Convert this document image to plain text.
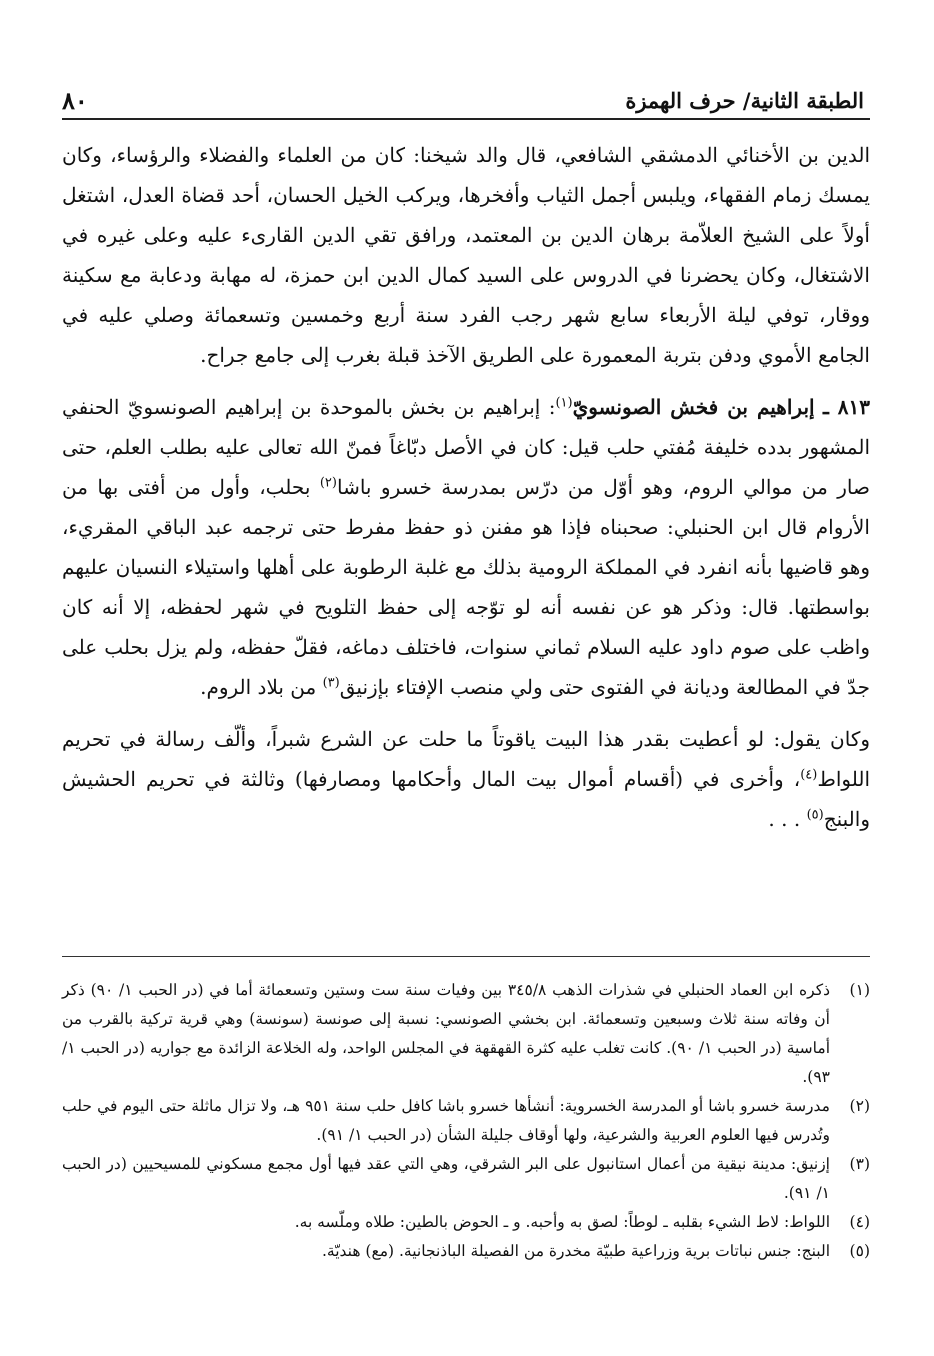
الطبقة الثانية/ حرف الهمزة
٨٠

الدين بن الأخنائي الدمشقي الشافعي، قال والد شيخنا: كان من العلماء والفضلاء والرؤساء، وكان يمسك زمام الفقهاء، ويلبس أجمل الثياب وأفخرها، ويركب الخيل الحسان، أحد قضاة العدل، اشتغل أولاً على الشيخ العلاّمة برهان الدين بن المعتمد، ورافق تقي الدين القارىء عليه وعلى غيره في الاشتغال، وكان يحضرنا في الدروس على السيد كمال الدين ابن حمزة، له مهابة ودعابة مع سكينة ووقار، توفي ليلة الأربعاء سابع شهر رجب الفرد سنة أربع وخمسين وتسعمائة وصلي عليه في الجامع الأموي ودفن بتربة المعمورة على الطريق الآخذ قبلة بغرب إلى جامع جراح.

٨١٣ ـ إبراهيم بن فخش الصونسويّ$^{(١)}$: إبراهيم بن بخش بالموحدة بن إبراهيم الصونسويّ الحنفي المشهور بدده خليفة مُفتي حلب قيل: كان في الأصل دبّاغاً فمنّ الله تعالى عليه بطلب العلم، حتى صار من موالي الروم، وهو أوّل من درّس بمدرسة خسرو باشا$^{(٢)}$ بحلب، وأول من أفتى بها من الأروام قال ابن الحنبلي: صحبناه فإذا هو مفنن ذو حفظ مفرط حتى ترجمه عبد الباقي المقريء، وهو قاضيها بأنه انفرد في المملكة الرومية بذلك مع غلبة الرطوبة على أهلها واستيلاء النسيان عليهم بواسطتها. قال: وذكر هو عن نفسه أنه لو توّجه إلى حفظ التلويح في شهر لحفظه، إلا أنه كان واظب على صوم داود عليه السلام ثماني سنوات، فاختلف دماغه، فقلّ حفظه، ولم يزل بحلب على جدّ في المطالعة وديانة في الفتوى حتى ولي منصب الإفتاء بإزنيق$^{(٣)}$ من بلاد الروم.

وكان يقول: لو أعطيت بقدر هذا البيت ياقوتاً ما حلت عن الشرع شبراً، وألّف رسالة في تحريم اللواط$^{(٤)}$، وأخرى في (أقسام أموال بيت المال وأحكامها ومصارفها) وثالثة في تحريم الحشيش والبنج$^{(٥)}$ . . .

(١)
ذكره ابن العماد الحنبلي في شذرات الذهب ٣٤٥/٨ بين وفيات سنة ست وستين وتسعمائة أما في (در الحبب ١/ ٩٠) ذكر أن وفاته سنة ثلاث وسبعين وتسعمائة. ابن بخشي الصونسي: نسبة إلى صونسة (سونسة) وهي قرية تركية بالقرب من أماسية (در الحبب ١/ ٩٠). كانت تغلب عليه كثرة القهقهة في المجلس الواحد، وله الخلاعة الزائدة مع جواريه (در الحبب ١/ ٩٣).
(٢)
مدرسة خسرو باشا أو المدرسة الخسروية: أنشأها خسرو باشا كافل حلب سنة ٩٥١ هـ، ولا تزال ماثلة حتى اليوم في حلب وتُدرس فيها العلوم العربية والشرعية، ولها أوقاف جليلة الشأن (در الحبب ١/ ٩١).
(٣)
إزنيق: مدينة نيقية من أعمال استانبول على البر الشرقي، وهي التي عقد فيها أول مجمع مسكوني للمسيحيين (در الحبب ١/ ٩١).
(٤)
اللواط: لاط الشيء بقلبه ـ لوطاً: لصق به وأحبه. و ـ الحوض بالطين: طلاه وملّسه به.
(٥)
البنج: جنس نباتات برية وزراعية طبيّة مخدرة من الفصيلة الباذنجانية. (مع) هنديّة.
